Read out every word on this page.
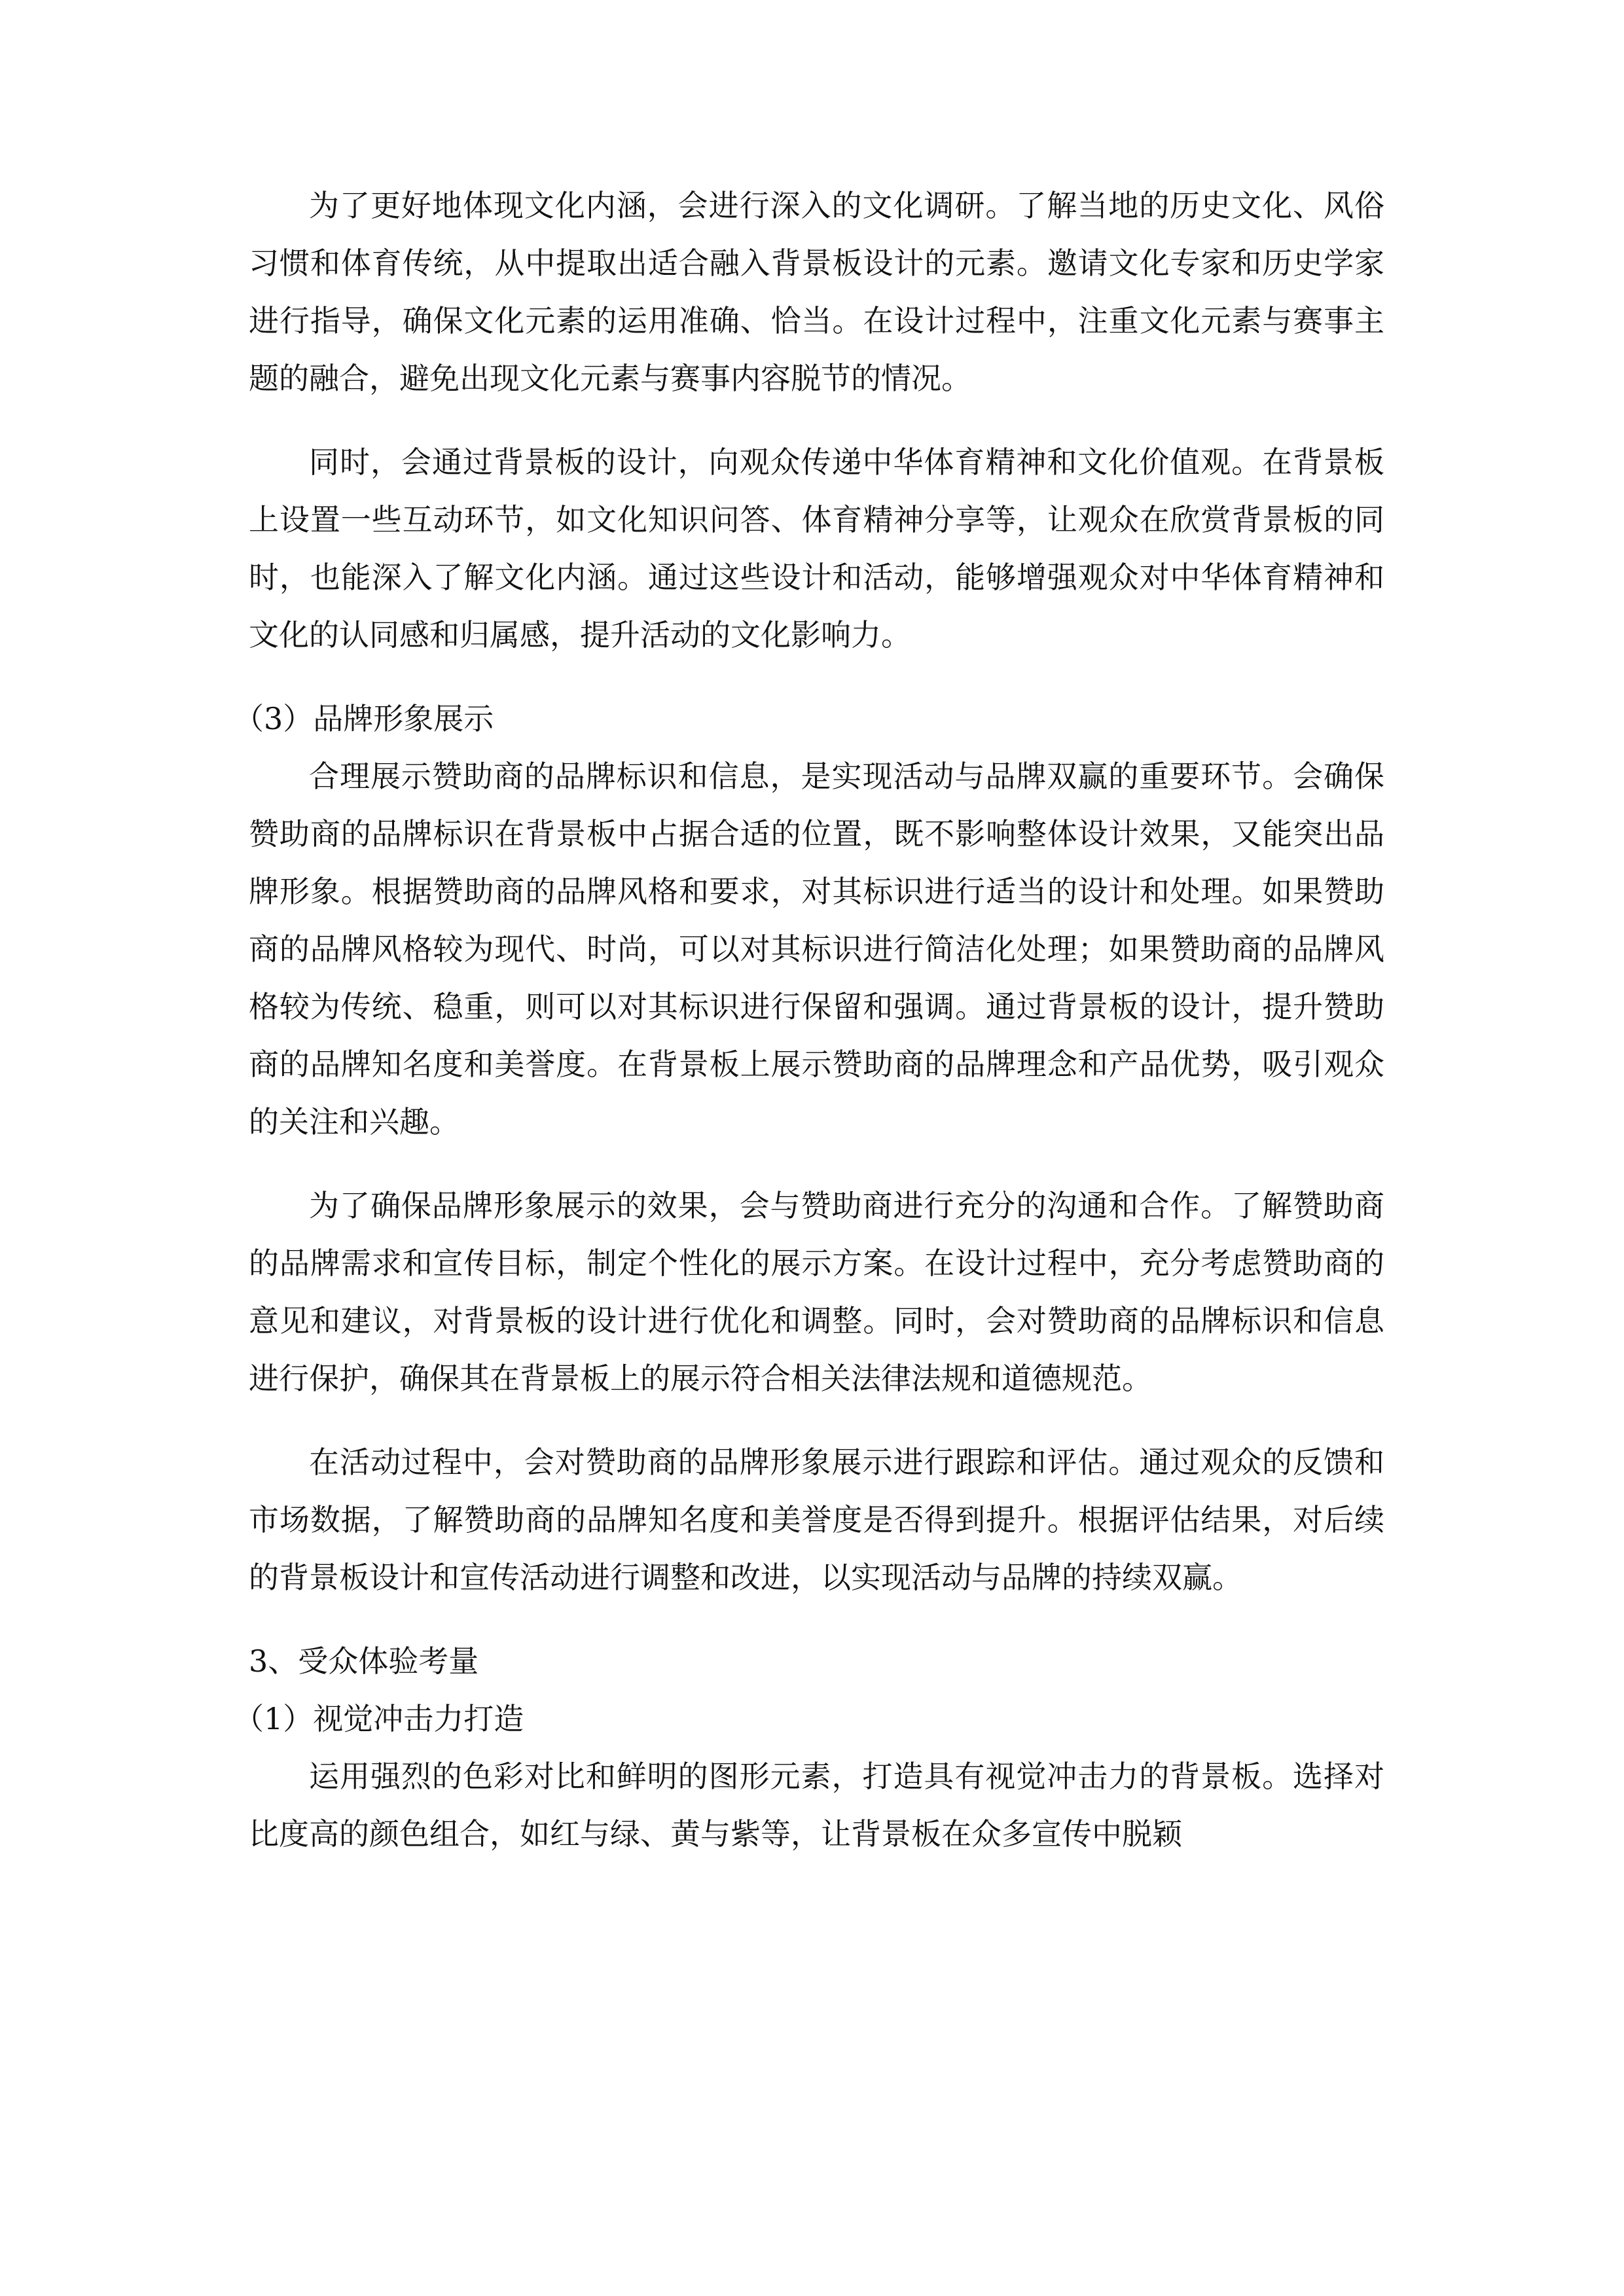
为了更好地体现文化内涵，会进行深入的文化调研。了解当地的历史文化、风俗习惯和体育传统，从中提取出适合融入背景板设计的元素。邀请文化专家和历史学家进行指导，确保文化元素的运用准确、恰当。在设计过程中，注重文化元素与赛事主题的融合，避免出现文化元素与赛事内容脱节的情况。

同时，会通过背景板的设计，向观众传递中华体育精神和文化价值观。在背景板上设置一些互动环节，如文化知识问答、体育精神分享等，让观众在欣赏背景板的同时，也能深入了解文化内涵。通过这些设计和活动，能够增强观众对中华体育精神和文化的认同感和归属感，提升活动的文化影响力。

（3）品牌形象展示

合理展示赞助商的品牌标识和信息，是实现活动与品牌双赢的重要环节。会确保赞助商的品牌标识在背景板中占据合适的位置，既不影响整体设计效果，又能突出品牌形象。根据赞助商的品牌风格和要求，对其标识进行适当的设计和处理。如果赞助商的品牌风格较为现代、时尚，可以对其标识进行简洁化处理；如果赞助商的品牌风格较为传统、稳重，则可以对其标识进行保留和强调。通过背景板的设计，提升赞助商的品牌知名度和美誉度。在背景板上展示赞助商的品牌理念和产品优势，吸引观众的关注和兴趣。

为了确保品牌形象展示的效果，会与赞助商进行充分的沟通和合作。了解赞助商的品牌需求和宣传目标，制定个性化的展示方案。在设计过程中，充分考虑赞助商的意见和建议，对背景板的设计进行优化和调整。同时，会对赞助商的品牌标识和信息进行保护，确保其在背景板上的展示符合相关法律法规和道德规范。

在活动过程中，会对赞助商的品牌形象展示进行跟踪和评估。通过观众的反馈和市场数据，了解赞助商的品牌知名度和美誉度是否得到提升。根据评估结果，对后续的背景板设计和宣传活动进行调整和改进，以实现活动与品牌的持续双赢。

3、受众体验考量

（1）视觉冲击力打造

运用强烈的色彩对比和鲜明的图形元素，打造具有视觉冲击力的背景板。选择对比度高的颜色组合，如红与绿、黄与紫等，让背景板在众多宣传中脱颖
